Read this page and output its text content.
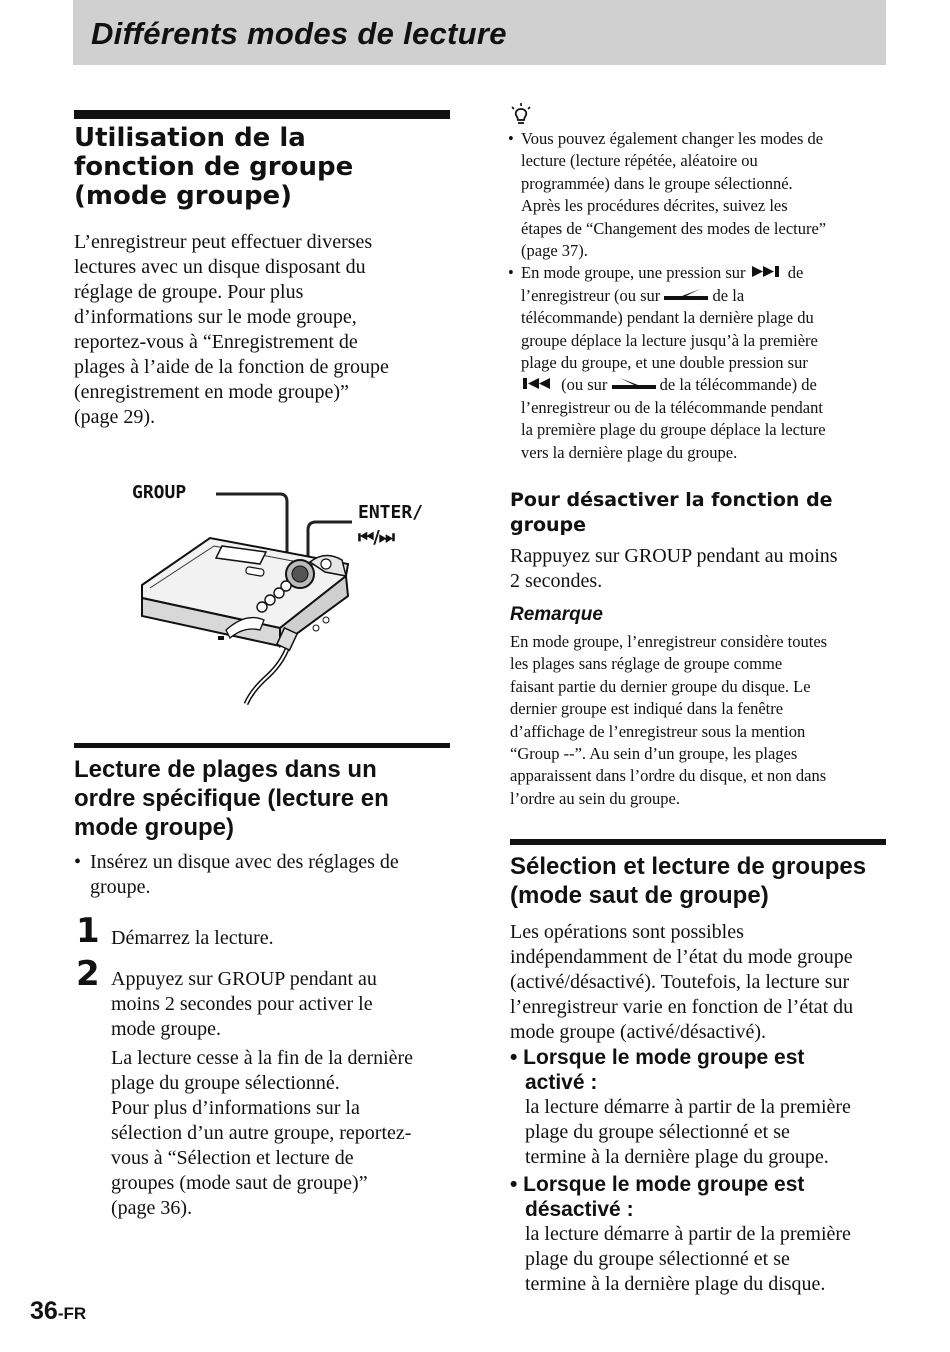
Différents modes de lecture
Utilisation de la
fonction de groupe
(mode groupe)
L’enregistreur peut effectuer diverses
lectures avec un disque disposant du
réglage de groupe. Pour plus
d’informations sur le mode groupe,
reportez-vous à “Enregistrement de
plages à l’aide de la fonction de groupe
(enregistrement en mode groupe)”
(page 29).
GROUP
ENTER/
⏮/⏭
Lecture de plages dans un
ordre spécifique (lecture en
mode groupe)
• Insérez un disque avec des réglages de
groupe.
1 Démarrez la lecture.

2 Appuyez sur GROUP pendant au
moins 2 secondes pour activer le
mode groupe.
La lecture cesse à la fin de la dernière
plage du groupe sélectionné.
Pour plus d’informations sur la
sélection d’un autre groupe, reportez-
vous à “Sélection et lecture de
groupes (mode saut de groupe)”
(page 36).
• Vous pouvez également changer les modes de
lecture (lecture répétée, aléatoire ou
programmée) dans le groupe sélectionné.
Après les procédures décrites, suivez les
étapes de “Changement des modes de lecture”
(page 37).
• En mode groupe, une pression sur	de
l’enregistreur (ou sur	de la
télécommande) pendant la dernière plage du
groupe déplace la lecture jusqu’à la première
plage du groupe, et une double pression sur
(ou sur	de la télécommande) de
l’enregistreur ou de la télécommande pendant
la première plage du groupe déplace la lecture
vers la dernière plage du groupe.
Pour désactiver la fonction de
groupe
Rappuyez sur GROUP pendant au moins
2 secondes.

Remarque

En mode groupe, l’enregistreur considère toutes
les plages sans réglage de groupe comme
faisant partie du dernier groupe du disque. Le
dernier groupe est indiqué dans la fenêtre
d’affichage de l’enregistreur sous la mention
“Group --”. Au sein d’un groupe, les plages
apparaissent dans l’ordre du disque, et non dans
l’ordre au sein du groupe.
Sélection et lecture de groupes
(mode saut de groupe)
Les opérations sont possibles
indépendamment de l’état du mode groupe
(activé/désactivé). Toutefois, la lecture sur
l’enregistreur varie en fonction de l’état du
mode groupe (activé/désactivé).
• Lorsque le mode groupe est
activé :
la lecture démarre à partir de la première
plage du groupe sélectionné et se
termine à la dernière plage du groupe.
• Lorsque le mode groupe est
désactivé :
la lecture démarre à partir de la première
plage du groupe sélectionné et se
termine à la dernière plage du disque.
36-FR
